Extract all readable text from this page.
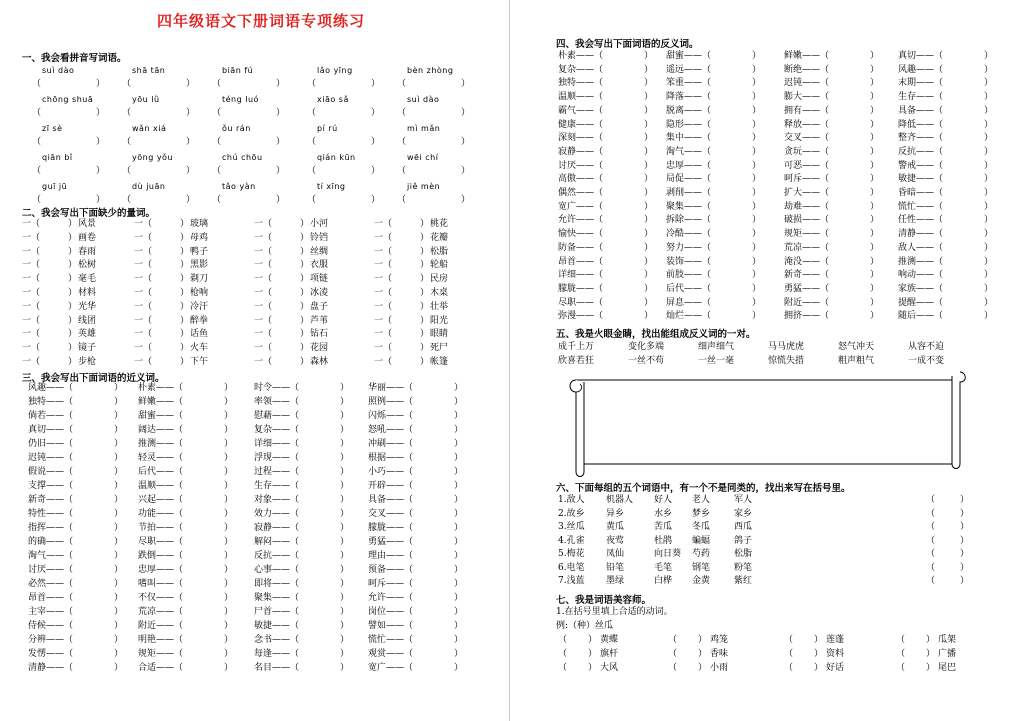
四年级语文下册词语专项练习
一、我会看拼音写词语。
suì dào	shā tān	biān fú	lǎo yīng	bèn zhòng
（	） （	） （	） （	） （	）
chōng shuā	yōu lǜ	téng luó	xiāo sǎ	suì dào
（	） （	） （	） （	） （	）
zī sè	wǎn xiá	ǒu rán	pí rú	mì mǎn
（	） （	） （	） （	） （	）
qiān bǐ	yōng yǒu	chú chōu	qián kūn	wēi chí
（	） （	） （	） （	） （	）
guī jū	dù juān	tǎo yàn	tí xīng	jiě mèn
（	） （	） （	） （	） （	）
二、我会写出下面缺少的量词。
一（	） 风景	一（	） 玻璃	一（	） 小河	一（	） 桃花
一（	） 画卷	一（	） 母鸡	一（	） 铃铛	一（	） 花瓣
一（	） 春雨	一（	） 鸭子	一（	） 丝绸	一（	） 松脂
一（	） 松树	一（	） 黑影	一（	） 衣服	一（	） 轮船
一（	） 毫毛	一（	） 剃刀	一（	） 项链	一（	） 民房
一（	） 材料	一（	） 枪响	一（	） 冰凌	一（	） 木桌
一（	） 光华	一（	） 冷汗	一（	） 盘子	一（	） 壮举
一（	） 线团	一（	） 醉拳	一（	） 芦苇	一（	） 阳光
一（	） 英雄	一（	） 话鱼	一（	） 钻石	一（	） 眼睛
一（	） 镜子	一（	） 火车	一（	） 花园	一（	） 死尸
一（	） 步枪	一（	） 下午	一（	） 森林	一（	） 帐篷
三、我会写出下面词语的近义词。
风趣——（	） 朴素——（	） 时令——（	） 华丽——（	）
独特——（	） 鲜嫩——（	） 率领——（	） 照例——（	）
倘若——（	） 甜蜜——（	） 慰藉——（	） 闪烁——（	）
真切——（	） 阔达——（	） 复杂——（	） 怒吼——（	）
仍旧——（	） 推测——（	） 详细——（	） 冲刷——（	）
迟钝——（	） 轻灵——（	） 浮现——（	） 根据——（	）
假说——（	） 后代——（	） 过程——（	） 小巧——（	）
支撑——（	） 温顺——（	） 生存——（	） 开辟——（	）
新奇——（	） 兴起——（	） 对象——（	） 具备——（	）
特性——（	） 功能——（	） 效力——（	） 交叉——（	）
指挥——（	） 节拍——（	） 寂静——（	） 朦胧——（	）
的确——（	） 尽职——（	） 解闷——（	） 勇猛——（	）
淘气——（	） 跌倒——（	） 反抗——（	） 理由——（	）
讨厌——（	） 忠厚——（	） 心事——（	） 预备——（	）
必然——（	） 嗜叫——（	） 即将——（	） 呵斥——（	）
昂首——（	） 不仅——（	） 聚集——（	） 允许——（	）
主宰——（	） 荒凉——（	） 尸首——（	） 岗位——（	）
侍候——（	） 附近——（	） 敏捷——（	） 譬如——（	）
分辨——（	） 明艳——（	） 念书——（	） 慌忙——（	）
发愣——（	） 规矩——（	） 每逢——（	） 观赏——（	）
清静——（	） 合适——（	） 名目——（	） 宽广——（	）
四、我会写出下面词语的反义词。
朴素——（	） 甜蜜——（	）	鲜嫩——（	） 真切——（	）
复杂——（	） 遥远——（	）	断绝——（	） 风趣——（	）
独特——（	） 笨重——（	）	迟钝——（	） 末期——（	）
温顺——（	） 降落——（	）	膨大——（	） 生存——（	）
霸气——（	） 脱离——（	）	拥有——（	） 具备——（	）
健康——（	） 隐形——（	）	释放——（	） 降低——（	）
深刻——（	） 集中——（	）	交叉——（	） 整齐——（	）
寂静——（	） 淘气——（	）	贪玩——（	） 反抗——（	）
讨厌——（	） 忠厚——（	）	可恶——（	） 警戒——（	）
高傲——（	） 局促——（	）	呵斥——（	） 敏捷——（	）
偶然——（	） 剥削——（	）	扩大——（	） 昏暗——（	）
宽广——（	） 聚集——（	）	劫难——（	） 慌忙——（	）
允许——（	） 拆除——（	）	破损——（	） 任性——（	）
愉快——（	） 冷酷——（	）	规矩——（	） 清静——（	）
防备——（	） 努力——（	）	荒凉——（	） 敌人——（	）
昂首——（	） 装饰——（	）	淹没——（	） 推测——（	）
详细——（	） 前肢——（	）	新奇——（	） 响动——（	）
朦胧——（	） 后代——（	）	勇猛——（	） 家族——（	）
尽职——（	） 屏息——（	）	附近——（	） 提醒——（	）
弥漫——（	） 灿烂——（	）	拥挤——（	） 随后——（	）
五、我是火眼金睛，找出能组成反义词的一对。
成千上万	变化多端	细声细气	马马虎虎	怒气冲天	从容不迫
欣喜若狂	一丝不苟	一丝一毫	惊慌失措	粗声粗气	一成不变
六、下面每组的五个词语中，有一个不是同类的，找出来写在括号里。
1.敌人 机器人 好人 老人	军人	（	）
2.故乡 异乡	水乡 梦乡	家乡	（	）
3.丝瓜 黄瓜	苦瓜 冬瓜	西瓜	（	）
4.孔雀 夜莺	杜鹃 蝙蝠	鸽子	（	）
5.梅花 凤仙	向日葵 芍药	松脂	（	）
6.电笔 铅笔	毛笔 钢笔	粉笔	（	）
7.浅蓝 墨绿	白桦 金黄	紫红	（	）
七、我是词语美容师。
1.在括号里填上合适的动词。
例:（种）丝瓜
（ ） 黄蝶	（ ） 鸡笼	（ ） 莲蓬	（ ） 瓜架
（ ） 旗杆	（ ） 香味	（ ） 资料	（ ） 广播
（ ） 大风	（ ） 小雨	（ ） 好话	（ ） 尾巴
